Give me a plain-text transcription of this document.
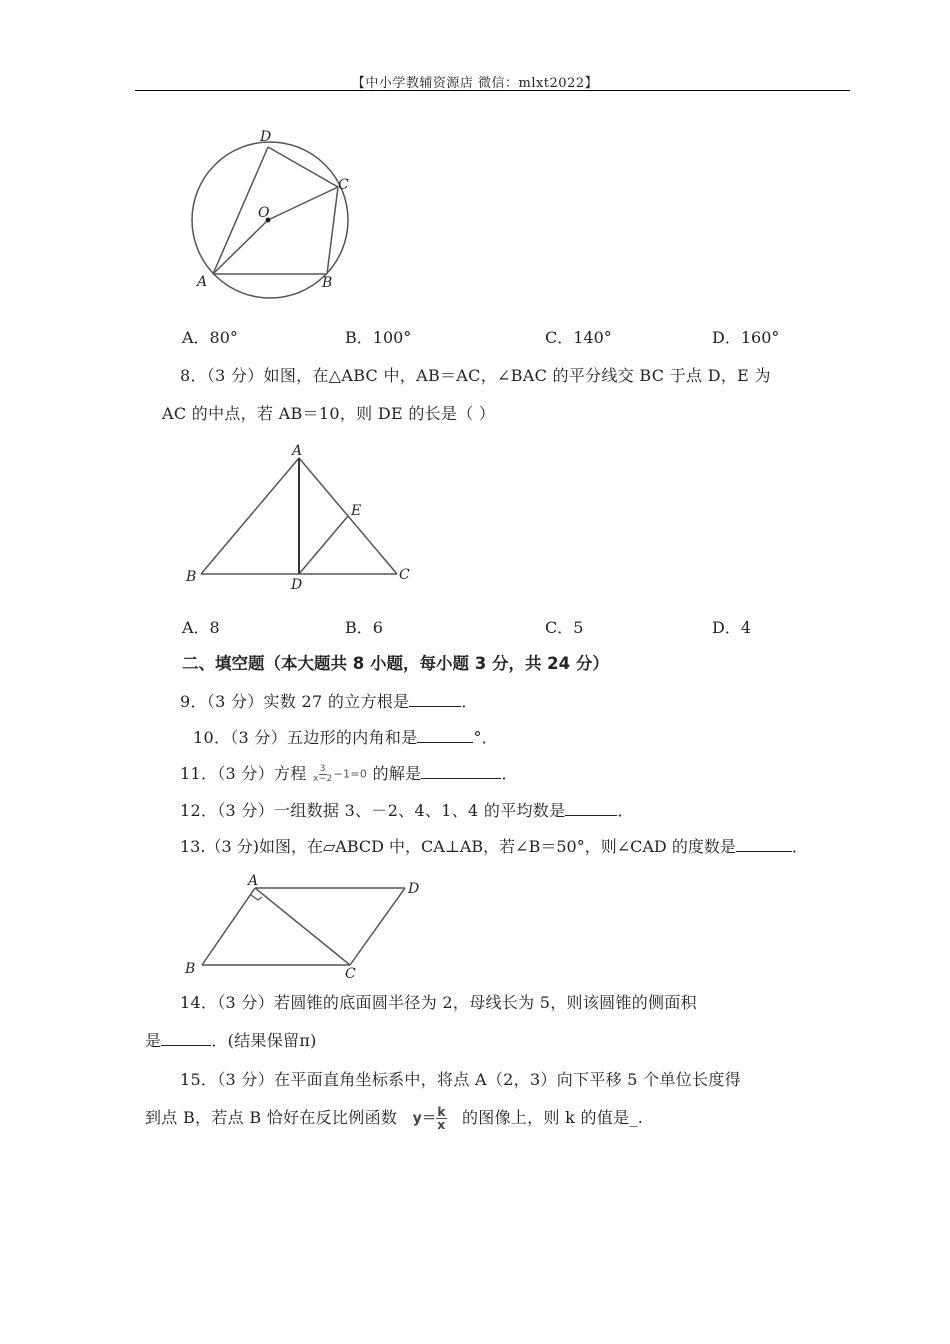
【中小学教辅资源店 微信：mlxt2022】
D
C
O
A	B
A．80°	B．100°	C．140°	D．160°
8．（3 分）如图，在△ABC 中，AB＝AC，∠BAC 的平分线交 BC 于点 D，E 为
AC 的中点，若 AB＝10，则 DE 的长是（ ）
A
E
B	D
C
A．8	B．6	C．5	D．4
二、填空题（本大题共 8 小题，每小题 3 分，共 24 分）
9．（3 分）实数 27 的立方根是	．
10．（3 分）五边形的内角和是	°．
11．（3 分）方程 $\frac{3}{x-2} -1=0$ 的解是	．
12．（3 分）一组数据 3、－2、4、1、4 的平均数是	．
13.（3 分)如图，在▱ABCD 中，CA⊥AB，若∠B＝50°，则∠CAD 的度数是	．
A	D
B	C
14．（3 分）若圆锥的底面圆半径为 2，母线长为 5，则该圆锥的侧面积
是	．(结果保留π)
15．（3 分）在平面直角坐标系中，将点 A（2，3）向下平移 5 个单位长度得
到点 B，若点 B 恰好在反比例函数 $y= \frac{k}{x}$ 的图像上，则 k 的值是_.
